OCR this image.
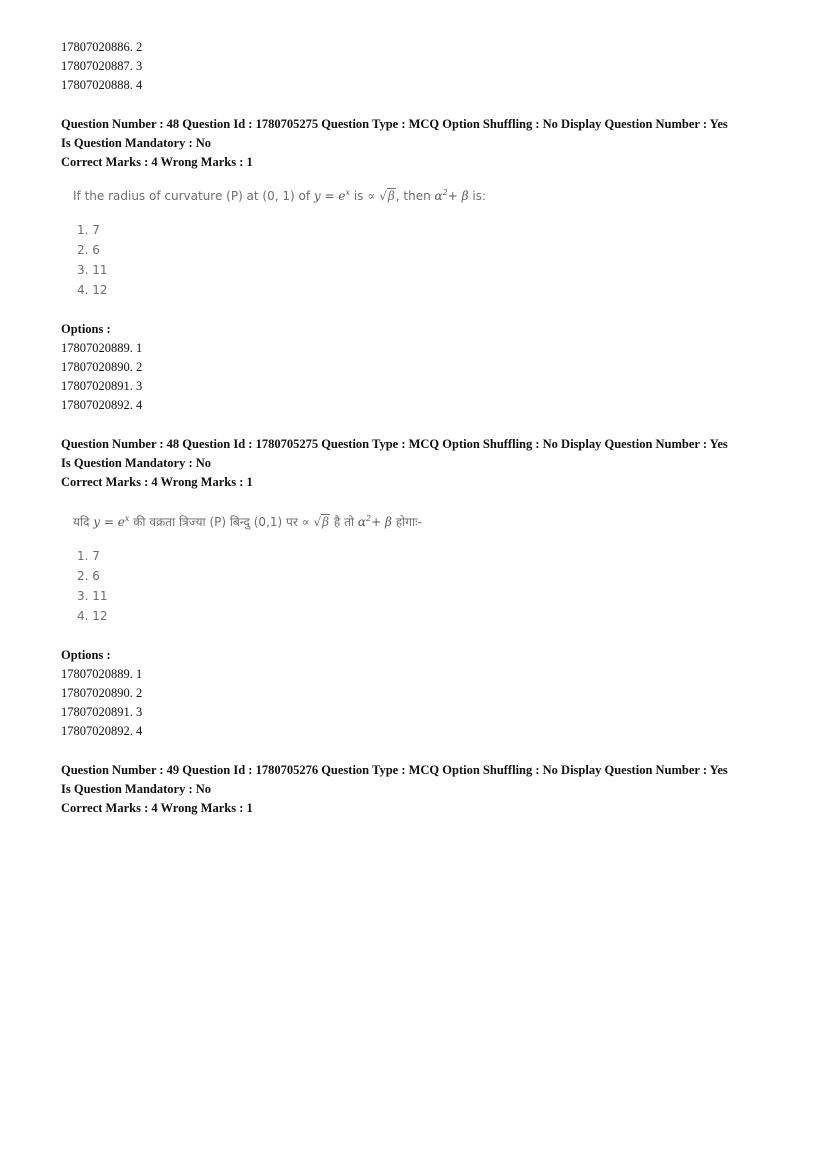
17807020886. 2
17807020887. 3
17807020888. 4
Question Number : 48 Question Id : 1780705275 Question Type : MCQ Option Shuffling : No Display Question Number : Yes
Is Question Mandatory : No
Correct Marks : 4 Wrong Marks : 1
If the radius of curvature (P) at (0, 1) of $y = e^x$ is ∝ √β, then $\alpha^2+ \beta$ is:
1. 7
2. 6
3. 11
4. 12
Options :
17807020889. 1
17807020890. 2
17807020891. 3
17807020892. 4
Question Number : 48 Question Id : 1780705275 Question Type : MCQ Option Shuffling : No Display Question Number : Yes
Is Question Mandatory : No
Correct Marks : 4 Wrong Marks : 1
यदि $y = e^x$ की वक्रता त्रिज्या (P) बिन्दु (0,1) पर ∝ √β है तो $\alpha^2+ \beta$ होगाः-
1. 7
2. 6
3. 11
4. 12
Options :
17807020889. 1
17807020890. 2
17807020891. 3
17807020892. 4
Question Number : 49 Question Id : 1780705276 Question Type : MCQ Option Shuffling : No Display Question Number : Yes
Is Question Mandatory : No
Correct Marks : 4 Wrong Marks : 1
